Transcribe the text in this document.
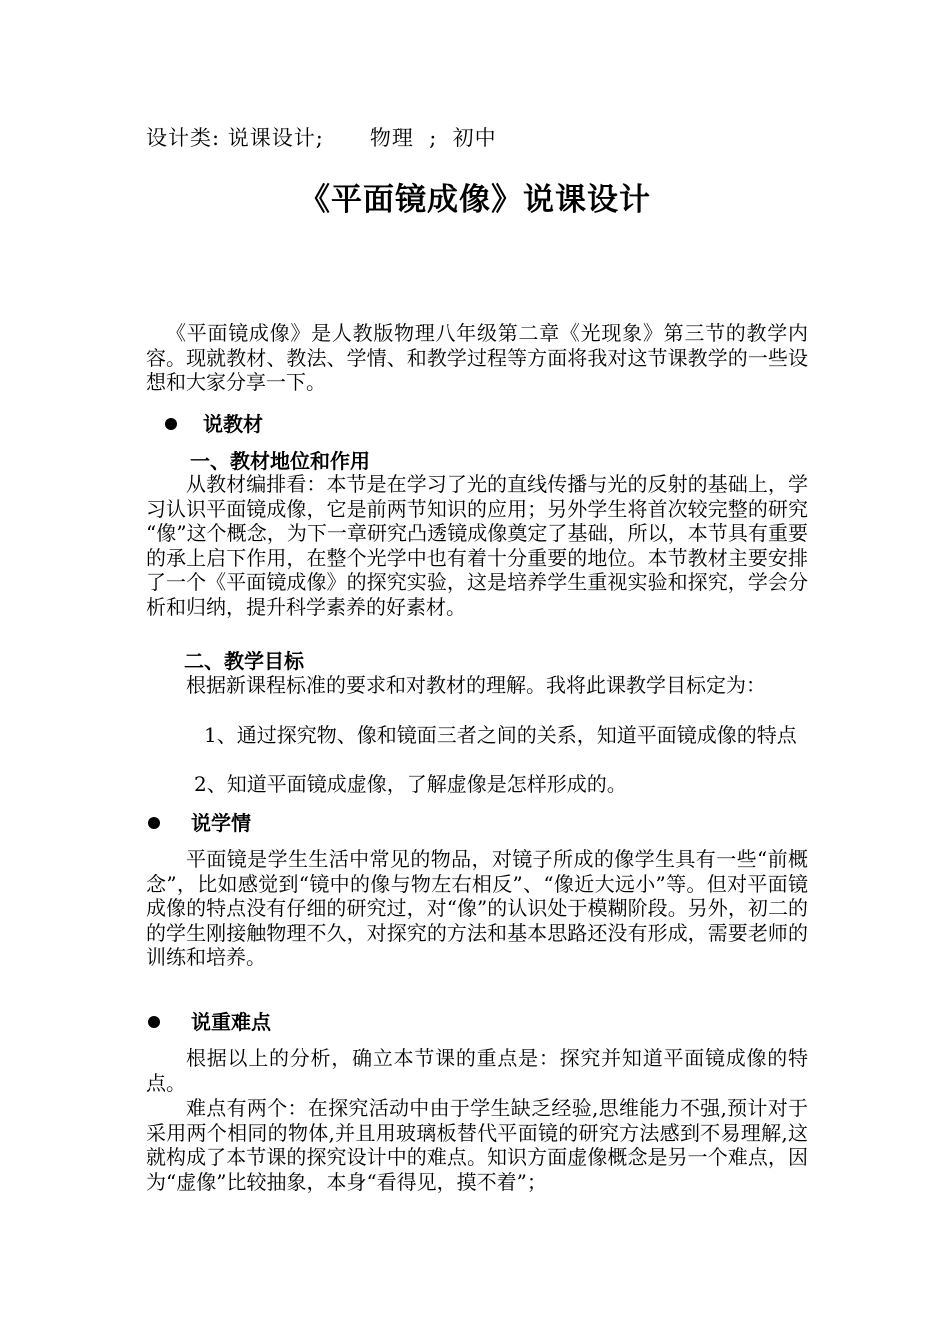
设计类: 说课设计;      物理  ;  初中
《平面镜成像》说课设计

《平面镜成像》是人教版物理八年级第二章《光现象》第三节的教学内容。现就教材、教法、学情、和教学过程等方面将我对这节课教学的一些设想和大家分享一下。

说教材
一、教材地位和作用

从教材编排看：本节是在学习了光的直线传播与光的反射的基础上，学习认识平面镜成像，它是前两节知识的应用；另外学生将首次较完整的研究 “像”这个概念，为下一章研究凸透镜成像奠定了基础，所以，本节具有重要的承上启下作用，在整个光学中也有着十分重要的地位。本节教材主要安排了一个《平面镜成像》的探究实验，这是培养学生重视实验和探究，学会分析和归纳，提升科学素养的好素材。

二、教学目标

根据新课程标准的要求和对教材的理解。我将此课教学目标定为：

1、通过探究物、像和镜面三者之间的关系，知道平面镜成像的特点

2、知道平面镜成虚像，了解虚像是怎样形成的。

说学情

平面镜是学生生活中常见的物品，对镜子所成的像学生具有一些“前概念”，比如感觉到“镜中的像与物左右相反”、“像近大远小”等。但对平面镜成像的特点没有仔细的研究过，对“像”的认识处于模糊阶段。另外，初二的的学生刚接触物理不久，对探究的方法和基本思路还没有形成，需要老师的训练和培养。

说重难点

根据以上的分析，确立本节课的重点是：探究并知道平面镜成像的特点。

难点有两个：在探究活动中由于学生缺乏经验,思维能力不强,预计对于采用两个相同的物体,并且用玻璃板替代平面镜的研究方法感到不易理解,这就构成了本节课的探究设计中的难点。知识方面虚像概念是另一个难点，因为“虚像”比较抽象，本身“看得见，摸不着”；
